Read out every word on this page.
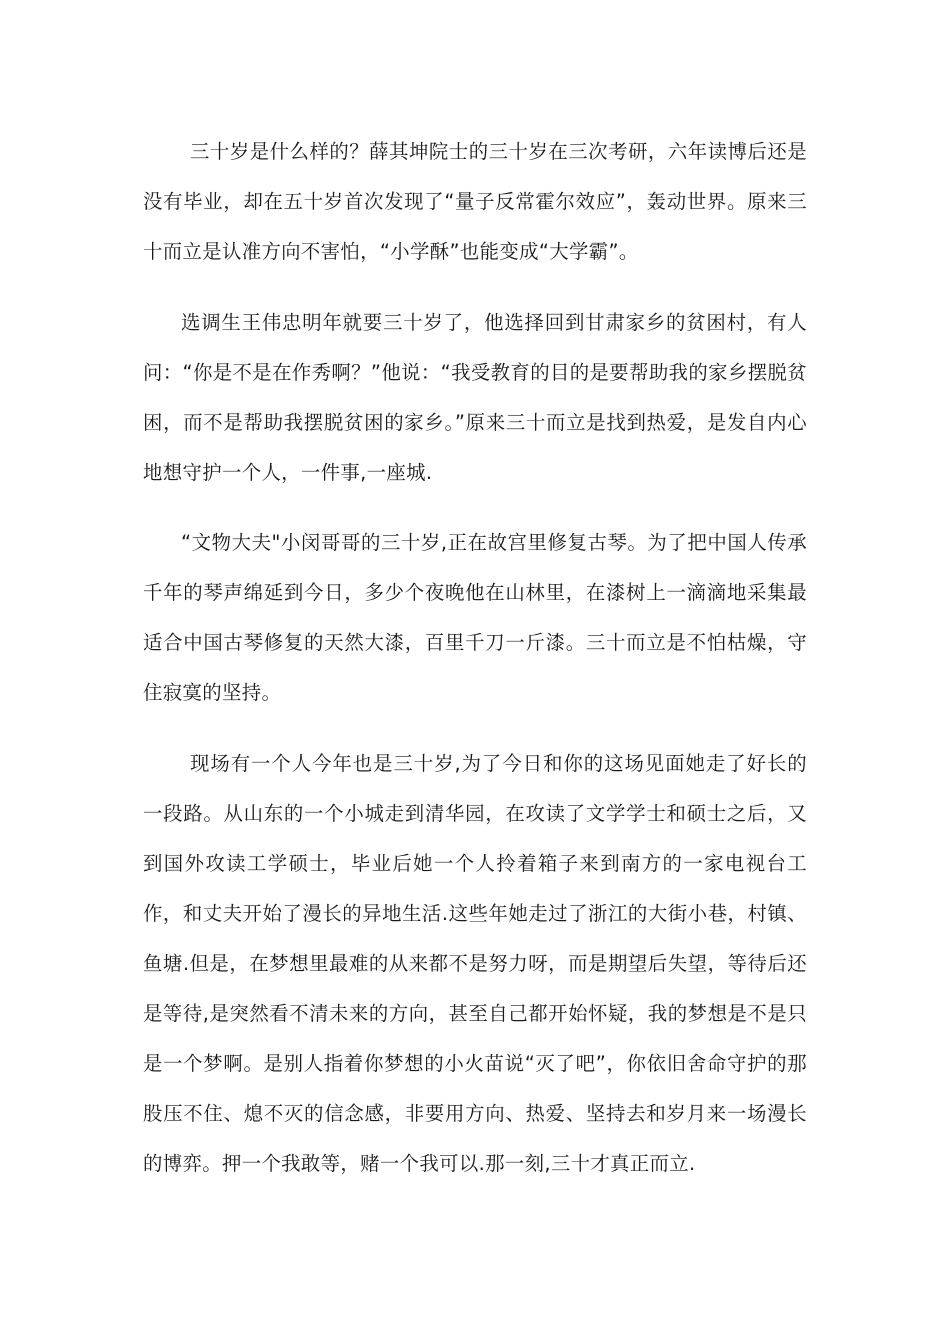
三十岁是什么样的？薛其坤院士的三十岁在三次考研，六年读博后还是没有毕业，却在五十岁首次发现了“量子反常霍尔效应”，轰动世界。原来三十而立是认准方向不害怕，“小学酥”也能变成“大学霸”。

选调生王伟忠明年就要三十岁了，他选择回到甘肃家乡的贫困村，有人问：“你是不是在作秀啊？”他说：“我受教育的目的是要帮助我的家乡摆脱贫困，而不是帮助我摆脱贫困的家乡。”原来三十而立是找到热爱，是发自内心地想守护一个人，一件事,一座城.

“文物大夫"小闵哥哥的三十岁,正在故宫里修复古琴。为了把中国人传承千年的琴声绵延到今日，多少个夜晚他在山林里，在漆树上一滴滴地采集最适合中国古琴修复的天然大漆，百里千刀一斤漆。三十而立是不怕枯燥，守住寂寞的坚持。

现场有一个人今年也是三十岁,为了今日和你的这场见面她走了好长的一段路。从山东的一个小城走到清华园，在攻读了文学学士和硕士之后，又到国外攻读工学硕士，毕业后她一个人拎着箱子来到南方的一家电视台工作，和丈夫开始了漫长的异地生活.这些年她走过了浙江的大街小巷，村镇、鱼塘.但是，在梦想里最难的从来都不是努力呀，而是期望后失望，等待后还是等待,是突然看不清未来的方向，甚至自己都开始怀疑，我的梦想是不是只是一个梦啊。是别人指着你梦想的小火苗说“灭了吧”，你依旧舍命守护的那股压不住、熄不灭的信念感，非要用方向、热爱、坚持去和岁月来一场漫长的博弈。押一个我敢等，赌一个我可以.那一刻,三十才真正而立.
